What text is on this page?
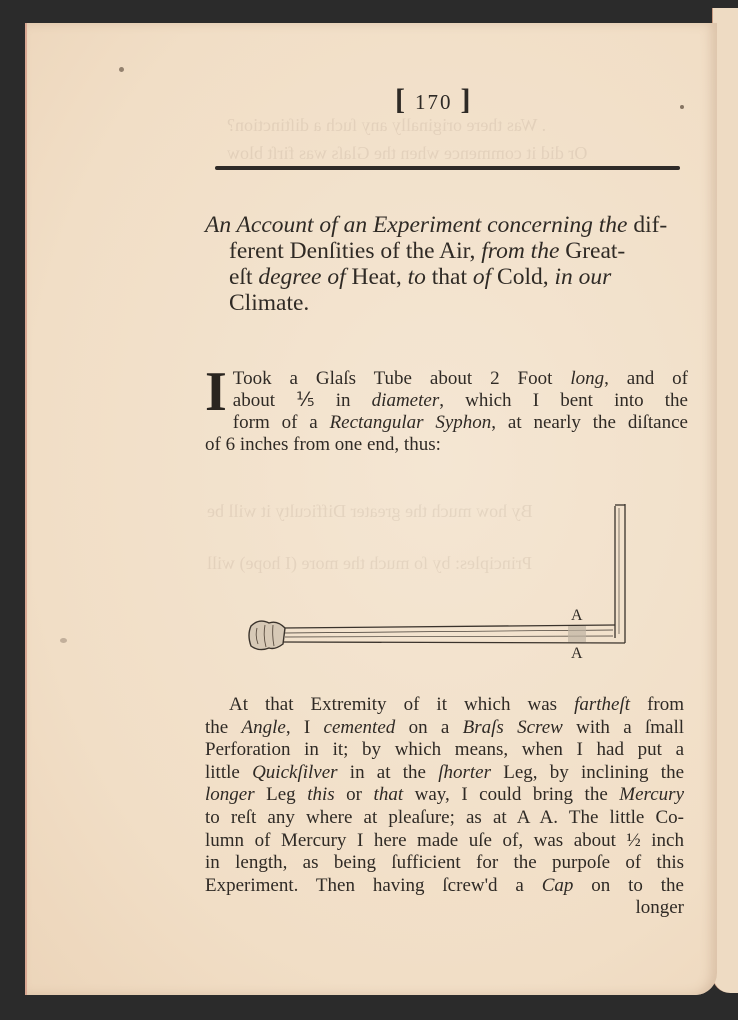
. Was there originally any ſuch a diſtinction?
Or did it commence when the Glaſs was firſt blow
By how much the greater Difficulty it will be
Principles: by ſo much the more (I hope) will
[ 170 ]
An Account of an Experiment concerning the dif-
ferent Denſities of the Air, from the Great-
eſt degree of Heat, to that of Cold, in our
Climate.
I Took a Glaſs Tube about 2 Foot long, and of
about ⅕ in diameter, which I bent into the
form of a Rectangular Syphon, at nearly the diſtance
of 6 inches from one end, thus:
A
A
At that Extremity of it which was fartheſt from
the Angle, I cemented on a Braſs Screw with a ſmall
Perforation in it; by which means, when I had put a
little Quickſilver in at the ſhorter Leg, by inclining the
longer Leg this or that way, I could bring the Mercury
to reſt any where at pleaſure; as at A A. The little Co-
lumn of Mercury I here made uſe of, was about ½ inch
in length, as being ſufficient for the purpoſe of this
Experiment. Then having ſcrew'd a Cap on to the
longer
